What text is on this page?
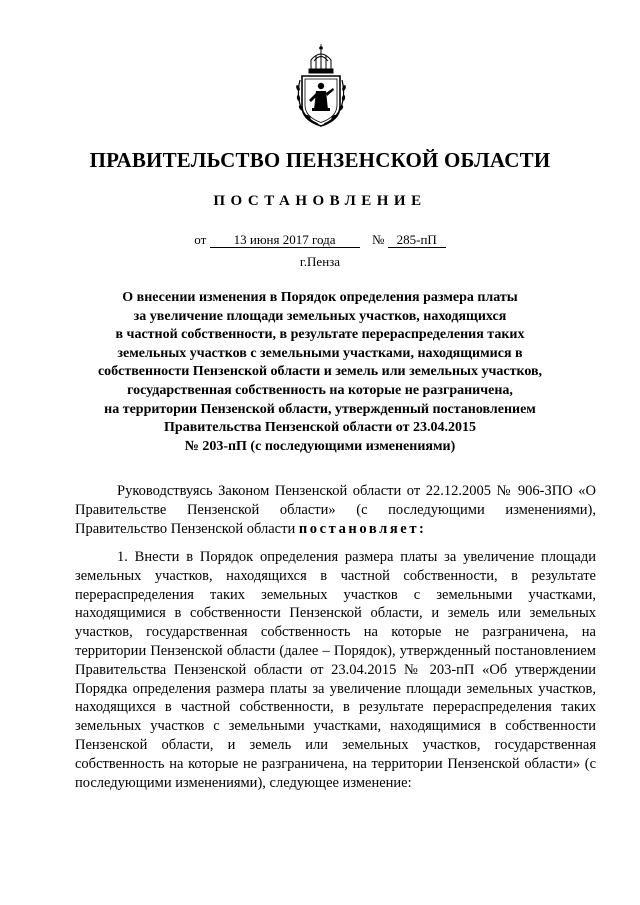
ПРАВИТЕЛЬСТВО ПЕНЗЕНСКОЙ ОБЛАСТИ
ПОСТАНОВЛЕНИЕ
от 13 июня 2017 года	№ 285-пП
г.Пенза
О внесении изменения в Порядок определения размера платы
за увеличение площади земельных участков, находящихся
в частной собственности, в результате перераспределения таких
земельных участков с земельными участками, находящимися в
собственности Пензенской области и земель или земельных участков,
государственная собственность на которые не разграничена,
на территории Пензенской области, утвержденный постановлением
Правительства Пензенской области от 23.04.2015
№ 203-пП (с последующими изменениями)
Руководствуясь Законом Пензенской области от 22.12.2005 № 906-ЗПО «О Правительстве Пензенской области» (с последующими изменениями), Правительство Пензенской области постановляет:
1. Внести в Порядок определения размера платы за увеличение площади земельных участков, находящихся в частной собственности, в результате перераспределения таких земельных участков с земельными участками, находящимися в собственности Пензенской области, и земель или земельных участков, государственная собственность на которые не разграничена, на территории Пензенской области (далее – Порядок), утвержденный постановлением Правительства Пензенской области от 23.04.2015 № 203-пП «Об утверждении Порядка определения размера платы за увеличение площади земельных участков, находящихся в частной собственности, в результате перераспределения таких земельных участков с земельными участками, находящимися в собственности Пензенской области, и земель или земельных участков, государственная собственность на которые не разграничена, на территории Пензенской области» (с последующими изменениями), следующее изменение:
